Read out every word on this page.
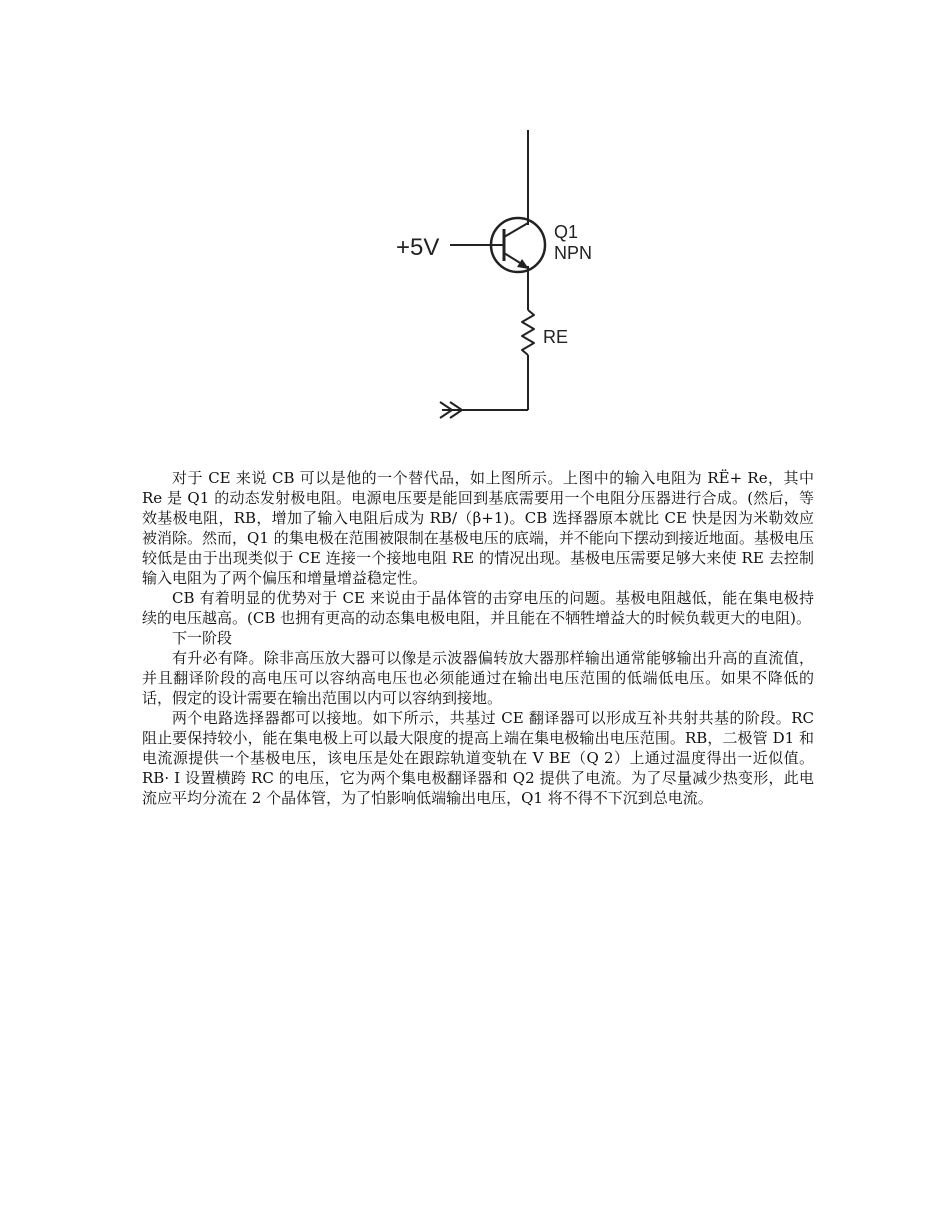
+5V
Q1
NPN
RE

对于 CE 来说 CB 可以是他的一个替代品，如上图所示。上图中的输入电阻为 RË+ Re，其中 Re 是 Q1 的动态发射极电阻。电源电压要是能回到基底需要用一个电阻分压器进行合成。(然后，等效基极电阻，RB，增加了输入电阻后成为 RB/（β+1)。CB 选择器原本就比 CE 快是因为米勒效应被消除。然而，Q1 的集电极在范围被限制在基极电压的底端，并不能向下摆动到接近地面。基极电压较低是由于出现类似于 CE 连接一个接地电阻 RE 的情况出现。基极电压需要足够大来使 RE 去控制输入电阻为了两个偏压和增量增益稳定性。

CB 有着明显的优势对于 CE 来说由于晶体管的击穿电压的问题。基极电阻越低，能在集电极持续的电压越高。(CB 也拥有更高的动态集电极电阻，并且能在不牺牲增益大的时候负载更大的电阻)。

下一阶段

有升必有降。除非高压放大器可以像是示波器偏转放大器那样输出通常能够输出升高的直流值，并且翻译阶段的高电压可以容纳高电压也必须能通过在输出电压范围的低端低电压。如果不降低的话，假定的设计需要在输出范围以内可以容纳到接地。

两个电路选择器都可以接地。如下所示，共基过 CE 翻译器可以形成互补共射共基的阶段。RC 阻止要保持较小，能在集电极上可以最大限度的提高上端在集电极输出电压范围。RB，二极管 D1 和电流源提供一个基极电压，该电压是处在跟踪轨道变轨在 V BE（Q 2）上通过温度得出一近似值。RB· I 设置横跨 RC 的电压，它为两个集电极翻译器和 Q2 提供了电流。为了尽量减少热变形，此电流应平均分流在 2 个晶体管，为了怕影响低端输出电压，Q1 将不得不下沉到总电流。
